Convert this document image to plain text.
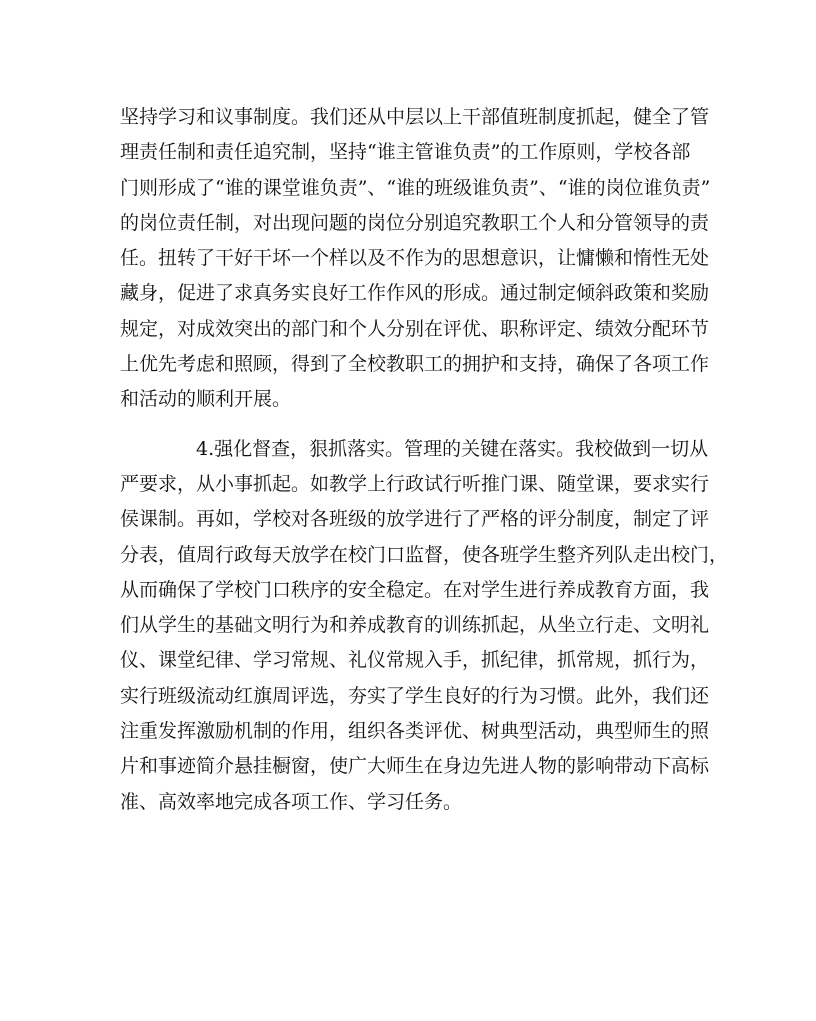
坚持学习和议事制度。我们还从中层以上干部值班制度抓起，健全了管
理责任制和责任追究制，坚持“谁主管谁负责”的工作原则，学校各部
门则形成了“谁的课堂谁负责”、“谁的班级谁负责”、“谁的岗位谁负责”
的岗位责任制，对出现问题的岗位分别追究教职工个人和分管领导的责
任。扭转了干好干坏一个样以及不作为的思想意识，让慵懒和惰性无处
藏身，促进了求真务实良好工作作风的形成。通过制定倾斜政策和奖励
规定，对成效突出的部门和个人分别在评优、职称评定、绩效分配环节
上优先考虑和照顾，得到了全校教职工的拥护和支持，确保了各项工作
和活动的顺利开展。
4.强化督查，狠抓落实。管理的关键在落实。我校做到一切从
严要求，从小事抓起。如教学上行政试行听推门课、随堂课，要求实行
侯课制。再如，学校对各班级的放学进行了严格的评分制度，制定了评
分表，值周行政每天放学在校门口监督，使各班学生整齐列队走出校门，
从而确保了学校门口秩序的安全稳定。在对学生进行养成教育方面，我
们从学生的基础文明行为和养成教育的训练抓起，从坐立行走、文明礼
仪、课堂纪律、学习常规、礼仪常规入手，抓纪律，抓常规，抓行为，
实行班级流动红旗周评选，夯实了学生良好的行为习惯。此外，我们还
注重发挥激励机制的作用，组织各类评优、树典型活动，典型师生的照
片和事迹简介悬挂橱窗，使广大师生在身边先进人物的影响带动下高标
准、高效率地完成各项工作、学习任务。
